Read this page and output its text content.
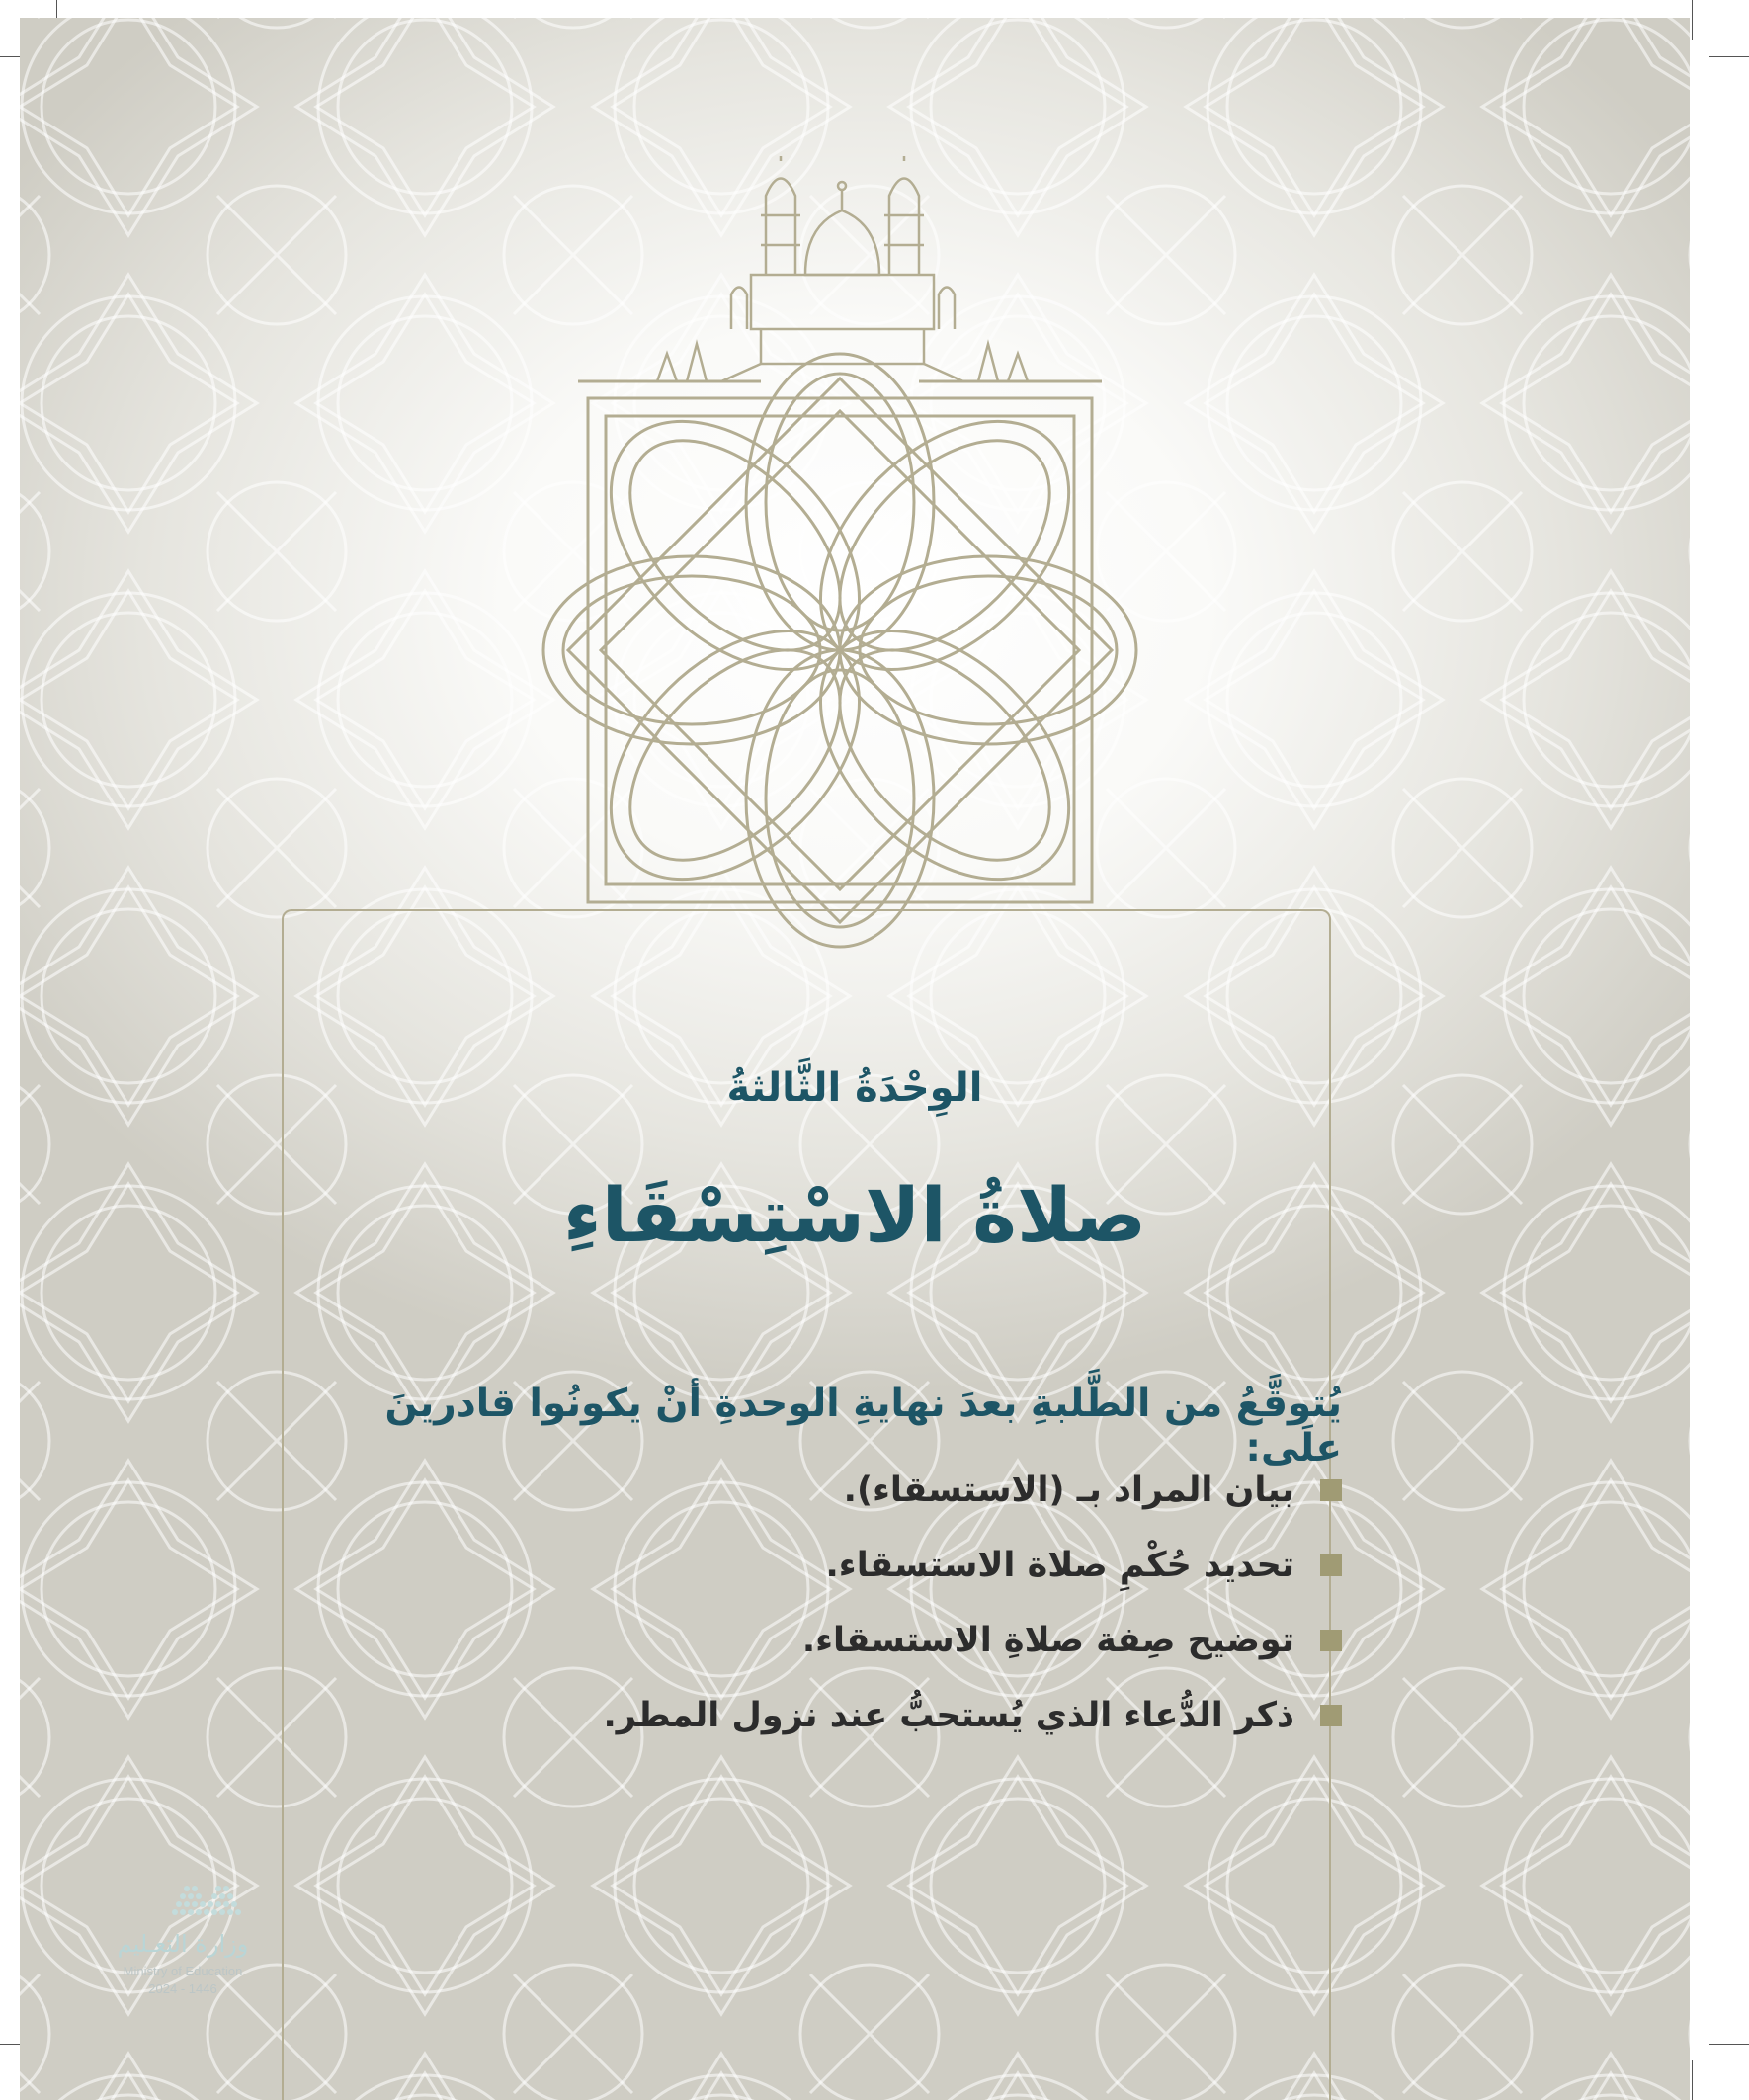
الوِحْدَةُ الثَّالثةُ
صلاةُ الاسْتِسْقَاءِ
يُتوقَّعُ من الطَّلبةِ بعدَ نهايةِ الوحدةِ أنْ يكونُوا قادرينَ علَى:
بيان المراد بـ (الاستسقاء).
تحديد حُكْمِ صلاة الاستسقاء.
توضيح صِفة صلاةِ الاستسقاء.
ذكر الدُّعاء الذي يُستحبُّ عند نزول المطر.
وزارة التعـليم
Ministry of Education
2024 - 1446
